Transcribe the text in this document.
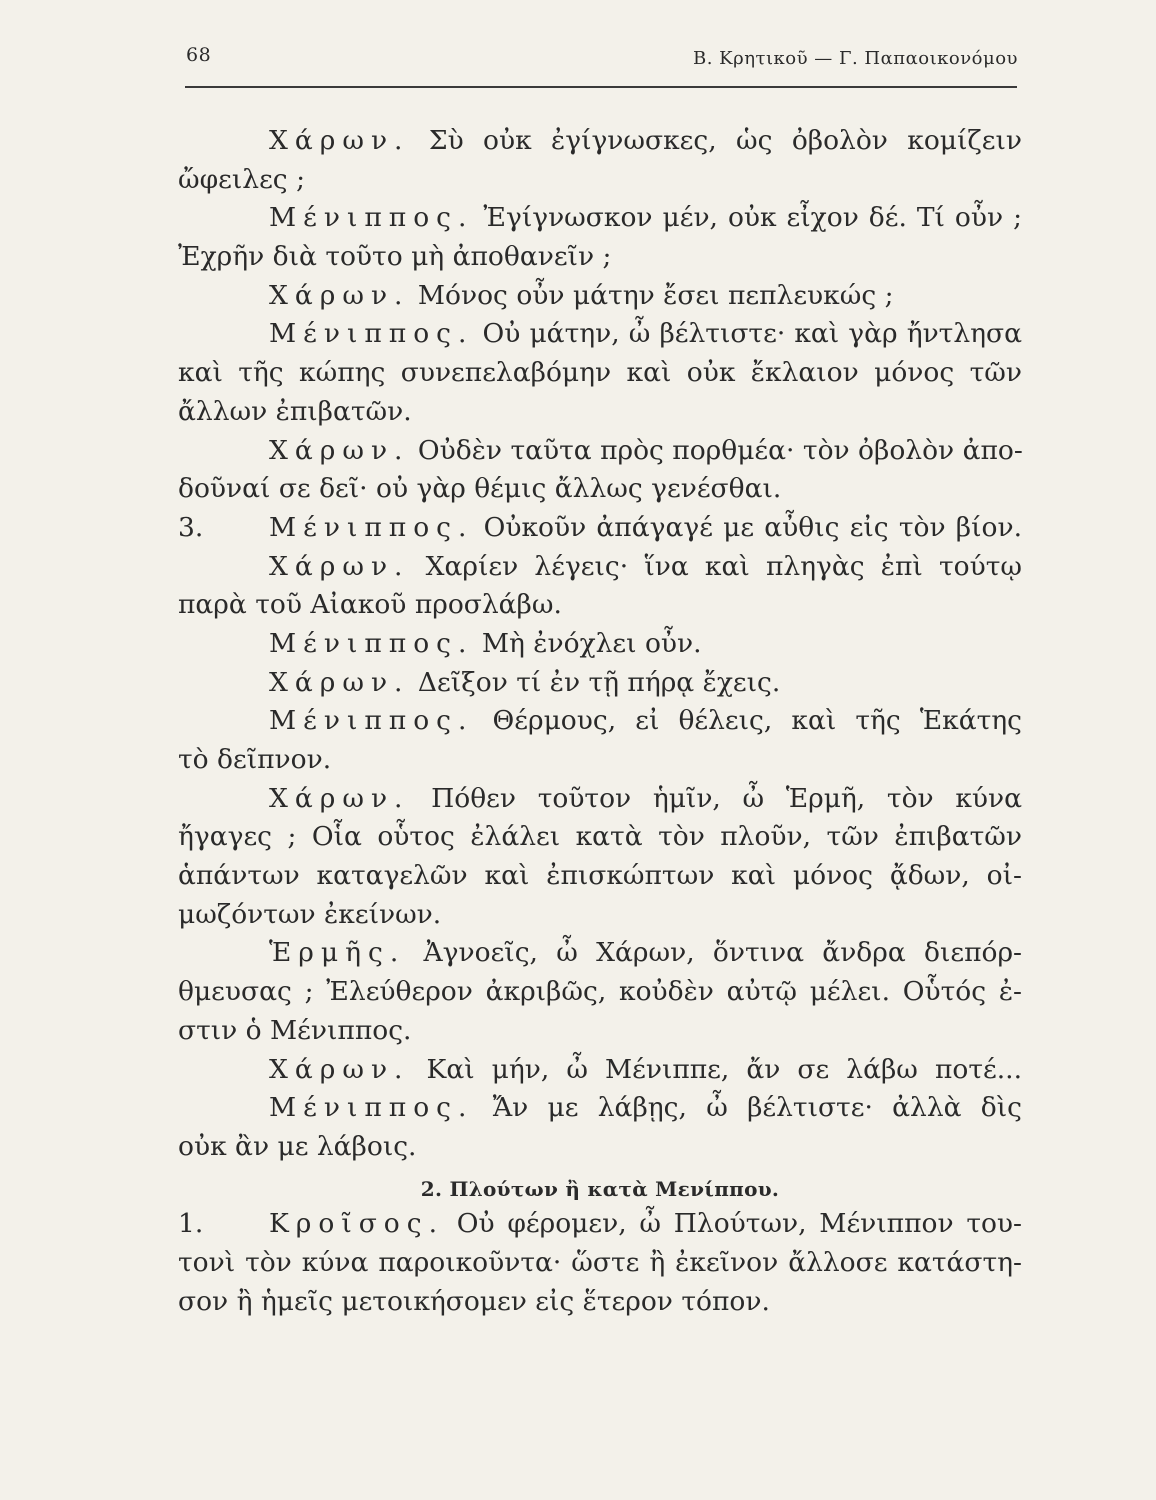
68	Β. Κρητικοῦ — Γ. Παπαοικονόμου
Χάρων. Σὺ οὐκ ἐγίγνωσκες, ὡς ὀβολὸν κομίζειν
ὤφειλες ;
Μένιππος. Ἐγίγνωσκον μέν, οὐκ εἶχον δέ. Τί οὖν ;
Ἐχρῆν διὰ τοῦτο μὴ ἀποθανεῖν ;
Χάρων. Μόνος οὖν μάτην ἔσει πεπλευκώς ;
Μένιππος. Οὐ μάτην, ὦ βέλτιστε· καὶ γὰρ ἤντλησα
καὶ τῆς κώπης συνεπελαβόμην καὶ οὐκ ἔκλαιον μόνος τῶν
ἄλλων ἐπιβατῶν.
Χάρων. Οὐδὲν ταῦτα πρὸς πορθμέα· τὸν ὀβολὸν ἀπο-
δοῦναί σε δεῖ· οὐ γὰρ θέμις ἄλλως γενέσθαι.
3. Μένιππος. Οὐκοῦν ἀπάγαγέ με αὖθις εἰς τὸν βίον.
Χάρων. Χαρίεν λέγεις· ἵνα καὶ πληγὰς ἐπὶ τούτῳ
παρὰ τοῦ Αἰακοῦ προσλάβω.
Μένιππος. Μὴ ἐνόχλει οὖν.
Χάρων. Δεῖξον τί ἐν τῇ πήρᾳ ἔχεις.
Μένιππος. Θέρμους, εἰ θέλεις, καὶ τῆς Ἑκάτης
τὸ δεῖπνον.
Χάρων. Πόθεν τοῦτον ἡμῖν, ὦ Ἑρμῆ, τὸν κύνα
ἤγαγες ; Οἷα οὗτος ἐλάλει κατὰ τὸν πλοῦν, τῶν ἐπιβατῶν
ἁπάντων καταγελῶν καὶ ἐπισκώπτων καὶ μόνος ᾄδων, οἰ-
μωζόντων ἐκείνων.
Ἑρμῆς. Ἀγνοεῖς, ὦ Χάρων, ὅντινα ἄνδρα διεπόρ-
θμευσας ; Ἐλεύθερον ἀκριβῶς, κοὐδὲν αὐτῷ μέλει. Οὗτός ἐ-
στιν ὁ Μένιππος.
Χάρων. Καὶ μήν, ὦ Μένιππε, ἄν σε λάβω ποτέ...
Μένιππος. Ἄν με λάβῃς, ὦ βέλτιστε· ἀλλὰ δὶς
οὐκ ἂν με λάβοις.
2. Πλούτων ἢ κατὰ Μενίππου.
1. Κροῖσος. Οὐ φέρομεν, ὦ Πλούτων, Μένιππον του-
τονὶ τὸν κύνα παροικοῦντα· ὥστε ἢ ἐκεῖνον ἄλλοσε κατάστη-
σον ἢ ἡμεῖς μετοικήσομεν εἰς ἕτερον τόπον.
